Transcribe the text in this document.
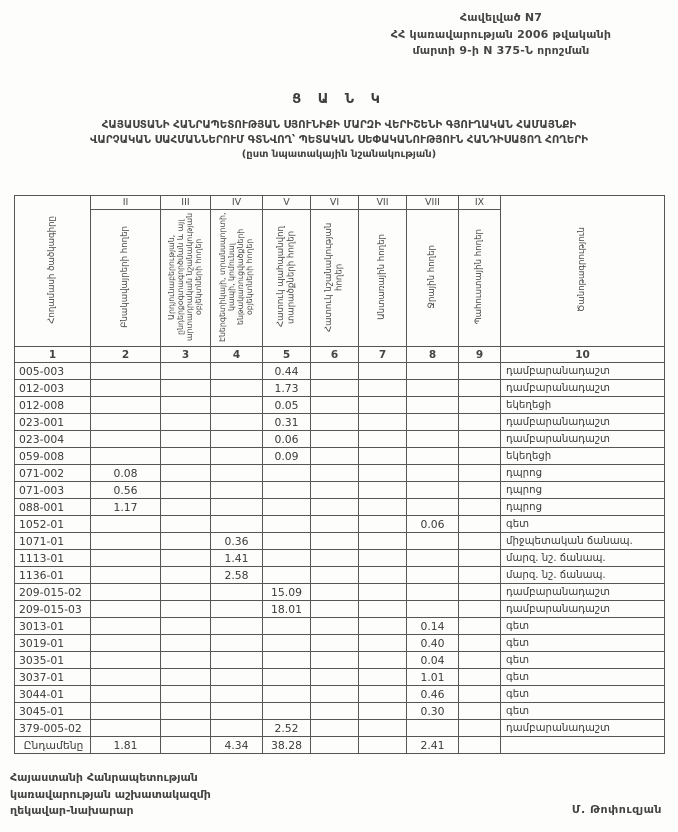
Հավելված N7
ՀՀ կառավարության 2006 թվականի
մարտի 9-ի N 375-Ն որոշման
Ց Ա Ն Կ
ՀԱՅԱՍՏԱՆԻ ՀԱՆՐԱՊԵՏՈՒԹՅԱՆ ՍՅՈՒՆԻՔԻ ՄԱՐԶԻ ՎԵՐԻՇԵՆԻ ԳՅՈՒՂԱԿԱՆ ՀԱՄԱՅՆՔԻ
ՎԱՐՉԱԿԱՆ ՍԱՀՄԱՆՆԵՐՈՒՄ ԳՏՆՎՈՂ՝ ՊԵՏԱԿԱՆ ՍԵՓԱԿԱՆՈՒԹՅՈՒՆ ՀԱՆԴԻՍԱՑՈՂ ՀՈՂԵՐԻ
(ըստ նպատակային նշանակության)
Հողամասի ծածկագիրը	II	III	IV	V	VI	VII	VIII	IX	Ծանոթագրություն
	Բնակավայրերի հողեր	Արդյունաբերության, ընդերքօգտագործման և այլ արտադրական նշանակության օբյեկտների հողեր	Էներգետիկայի, տրանսպորտի, կապի, կոմունալ ենթակառուցվածքների օբյեկտների հողեր	Հատուկ պահպանվող տարածքների հողեր	Հատուկ նշանակության հողեր	Անտառային հողեր	Ջրային հողեր	Պահուստային հողեր	
1	2	3	4	5	6	7	8	9	10
005-003				0.44					դամբարանադաշտ
012-003				1.73					դամբարանադաշտ
012-008				0.05					եկեղեցի
023-001				0.31					դամբարանադաշտ
023-004				0.06					դամբարանադաշտ
059-008				0.09					եկեղեցի
071-002	0.08								դպրոց
071-003	0.56								դպրոց
088-001	1.17								դպրոց
1052-01							0.06		գետ
1071-01			0.36						միջպետական ճանապ.
1113-01			1.41						մարզ. նշ. ճանապ.
1136-01			2.58						մարզ. նշ. ճանապ.
209-015-02				15.09					դամբարանադաշտ
209-015-03				18.01					դամբարանադաշտ
3013-01							0.14		գետ
3019-01							0.40		գետ
3035-01							0.04		գետ
3037-01							1.01		գետ
3044-01							0.46		գետ
3045-01							0.30		գետ
379-005-02				2.52					դամբարանադաշտ
Ընդամենը	1.81		4.34	38.28			2.41		
Հայաստանի Հանրապետության
կառավարության աշխատակազմի
ղեկավար-նախարար	Մ. Թոփուզյան
